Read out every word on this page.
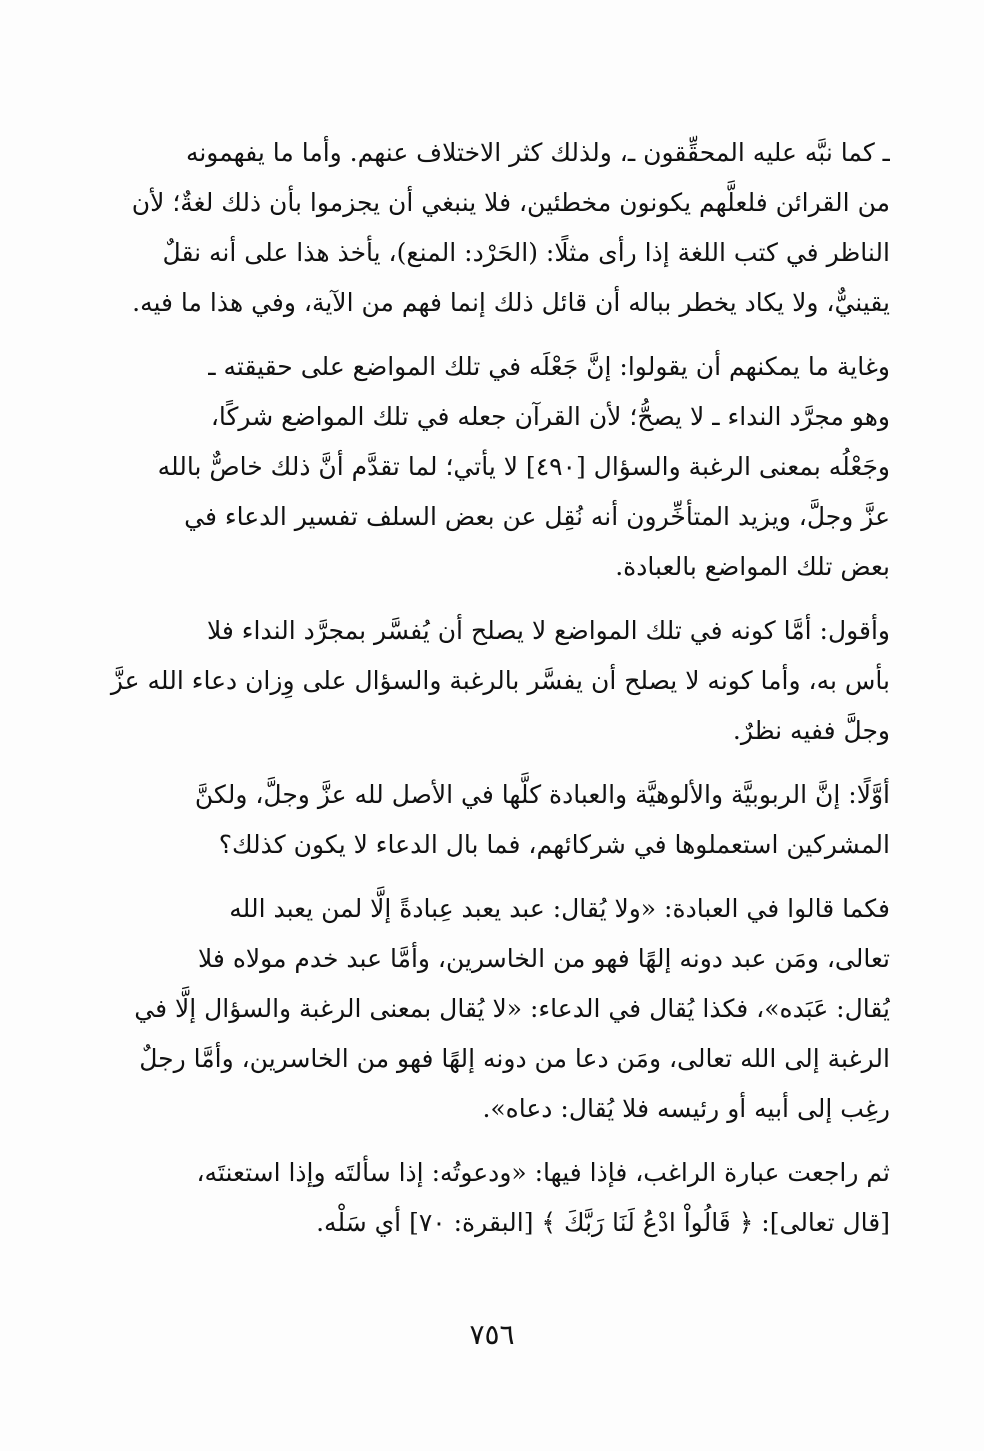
ـ كما نبَّه عليه المحقِّقون ـ، ولذلك كثر الاختلاف عنهم. وأما ما يفهمونه
من القرائن فلعلَّهم يكونون مخطئين، فلا ينبغي أن يجزموا بأن ذلك لغةٌ؛ لأن
الناظر في كتب اللغة إذا رأى مثلًا: (الحَرْد: المنع)، يأخذ هذا على أنه نقلٌ
يقينيٌّ، ولا يكاد يخطر بباله أن قائل ذلك إنما فهم من الآية، وفي هذا ما فيه.

وغاية ما يمكنهم أن يقولوا: إنَّ جَعْلَه في تلك المواضع على حقيقته ـ
وهو مجرَّد النداء ـ لا يصحُّ؛ لأن القرآن جعله في تلك المواضع شركًا،
وجَعْلُه بمعنى الرغبة والسؤال [٤٩٠] لا يأتي؛ لما تقدَّم أنَّ ذلك خاصٌّ بالله
عزَّ وجلَّ، ويزيد المتأخِّرون أنه نُقِل عن بعض السلف تفسير الدعاء في
بعض تلك المواضع بالعبادة.

وأقول: أمَّا كونه في تلك المواضع لا يصلح أن يُفسَّر بمجرَّد النداء فلا
بأس به، وأما كونه لا يصلح أن يفسَّر بالرغبة والسؤال على وِزان دعاء الله عزَّ
وجلَّ ففيه نظرٌ.

أوَّلًا: إنَّ الربوبيَّة والألوهيَّة والعبادة كلَّها في الأصل لله عزَّ وجلَّ، ولكنَّ
المشركين استعملوها في شركائهم، فما بال الدعاء لا يكون كذلك؟

فكما قالوا في العبادة: «ولا يُقال: عبد يعبد عِبادةً إلَّا لمن يعبد الله
تعالى، ومَن عبد دونه إلهًا فهو من الخاسرين، وأمَّا عبد خدم مولاه فلا
يُقال: عَبَده»، فكذا يُقال في الدعاء: «لا يُقال بمعنى الرغبة والسؤال إلَّا في
الرغبة إلى الله تعالى، ومَن دعا من دونه إلهًا فهو من الخاسرين، وأمَّا رجلٌ
رغِب إلى أبيه أو رئيسه فلا يُقال: دعاه».

ثم راجعت عبارة الراغب، فإذا فيها: «ودعوتُه: إذا سألتَه وإذا استعنتَه،
[قال تعالى]: ﴿ قَالُواْ ادْعُ لَنَا رَبَّكَ ﴾ [البقرة: ٧٠] أي سَلْه.

٧٥٦
